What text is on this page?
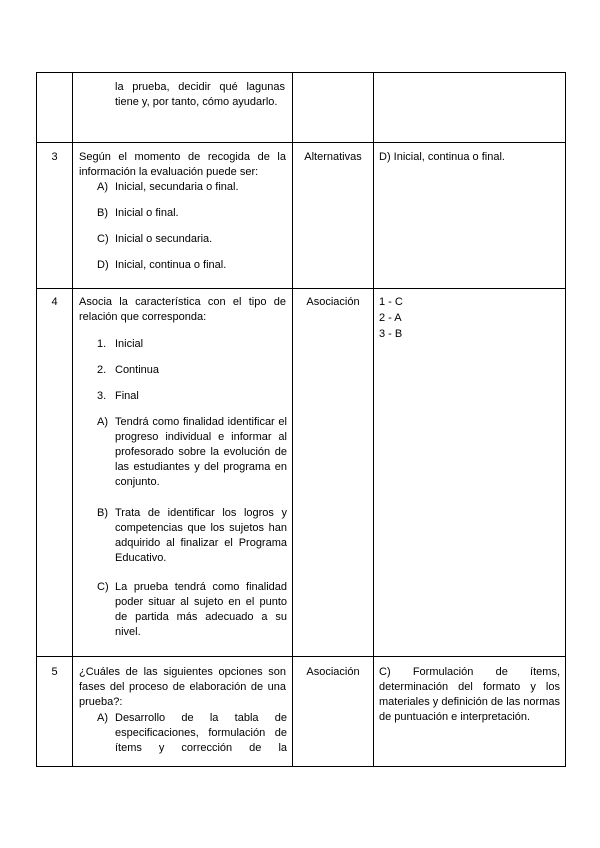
la prueba, decidir qué lagunas tiene y, por tanto, cómo ayudarlo.

3	Según el momento de recogida de la información la evaluación puede ser:

A) Inicial, secundaria o final.
B) Inicial o final.
C) Inicial o secundaria.
D) Inicial, continua o final.

Alternativas	D) Inicial, continua o final.

4	Asocia la característica con el tipo de relación que corresponda:

1. Inicial
2. Continua
3. Final
A) Tendrá como finalidad identificar el progreso individual e informar al profesorado sobre la evolución de las estudiantes y del programa en conjunto.
B) Trata de identificar los logros y competencias que los sujetos han adquirido al finalizar el Programa Educativo.
C) La prueba tendrá como finalidad poder situar al sujeto en el punto de partida más adecuado a su nivel.

Asociación	1 - C

2 - A

3 - B

5	¿Cuáles de las siguientes opciones son fases del proceso de elaboración de una prueba?:

A) Desarrollo de la tabla de especificaciones, formulación de ítems y corrección de la

Asociación	C) Formulación de ítems, determinación del formato y los materiales y definición de las normas de puntuación e interpretación.
